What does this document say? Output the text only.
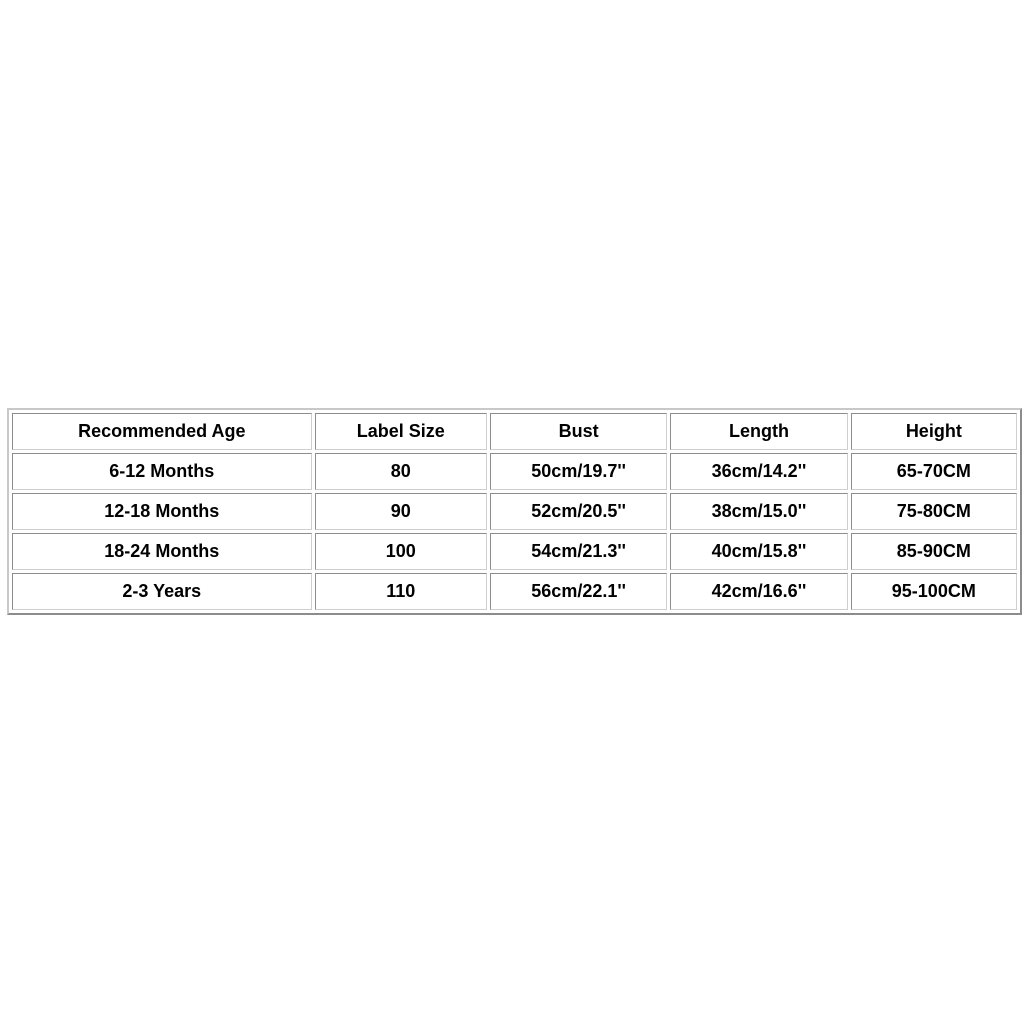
Recommended Age	Label Size	Bust	Length	Height
6-12 Months	80	50cm/19.7''	36cm/14.2''	65-70CM
12-18 Months	90	52cm/20.5''	38cm/15.0''	75-80CM
18-24 Months	100	54cm/21.3''	40cm/15.8''	85-90CM
2-3 Years	110	56cm/22.1''	42cm/16.6''	95-100CM
